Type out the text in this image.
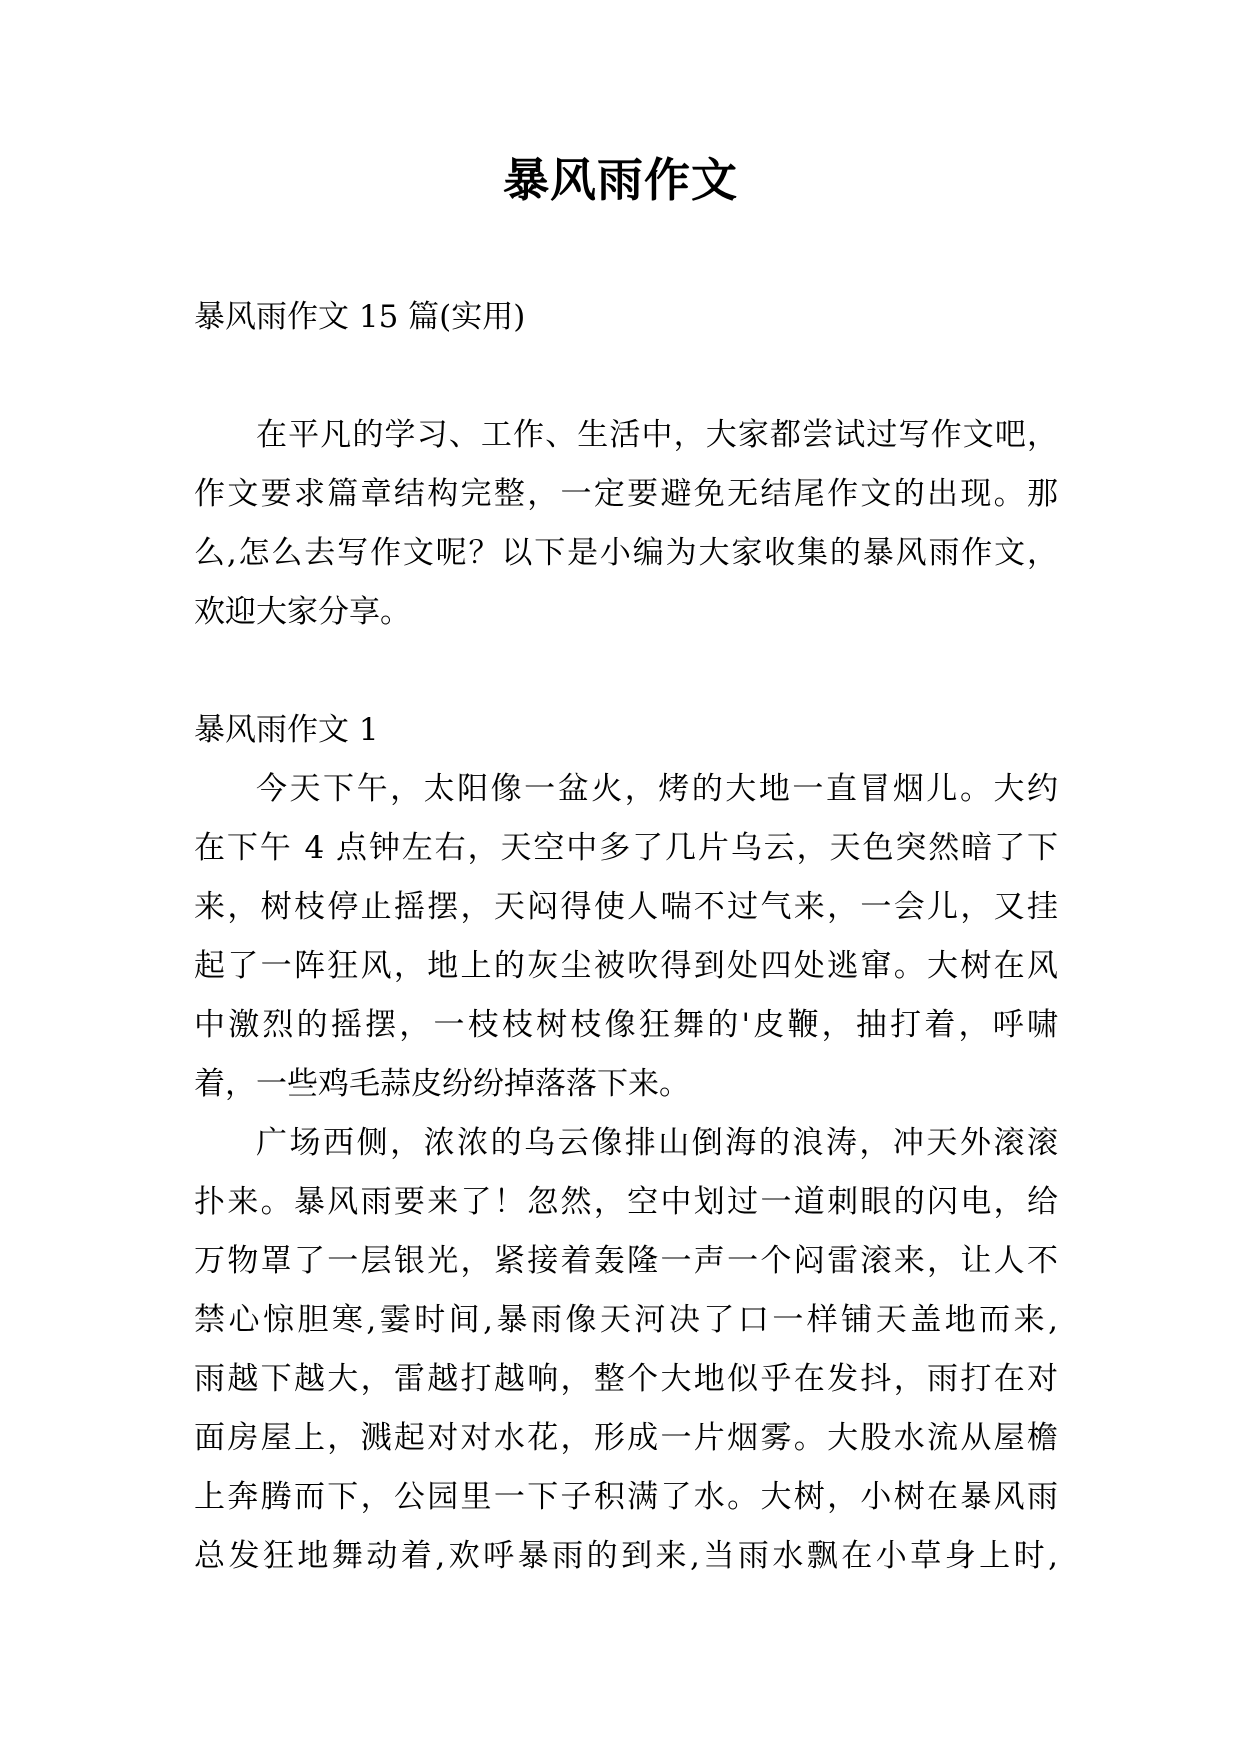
暴风雨作文
暴风雨作文 15 篇(实用)
在平凡的学习、工作、生活中，大家都尝试过写作文吧，
作文要求篇章结构完整，一定要避免无结尾作文的出现。那
么,怎么去写作文呢？以下是小编为大家收集的暴风雨作文，
欢迎大家分享。
暴风雨作文 1
今天下午，太阳像一盆火，烤的大地一直冒烟儿。大约
在下午 4 点钟左右，天空中多了几片乌云，天色突然暗了下
来，树枝停止摇摆，天闷得使人喘不过气来，一会儿，又挂
起了一阵狂风，地上的灰尘被吹得到处四处逃窜。大树在风
中激烈的摇摆，一枝枝树枝像狂舞的'皮鞭，抽打着，呼啸
着，一些鸡毛蒜皮纷纷掉落落下来。
广场西侧，浓浓的乌云像排山倒海的浪涛，冲天外滚滚
扑来。暴风雨要来了！忽然，空中划过一道刺眼的闪电，给
万物罩了一层银光，紧接着轰隆一声一个闷雷滚来，让人不
禁心惊胆寒,霎时间,暴雨像天河决了口一样铺天盖地而来,
雨越下越大，雷越打越响，整个大地似乎在发抖，雨打在对
面房屋上，溅起对对水花，形成一片烟雾。大股水流从屋檐
上奔腾而下，公园里一下子积满了水。大树，小树在暴风雨
总发狂地舞动着,欢呼暴雨的到来,当雨水飘在小草身上时,
